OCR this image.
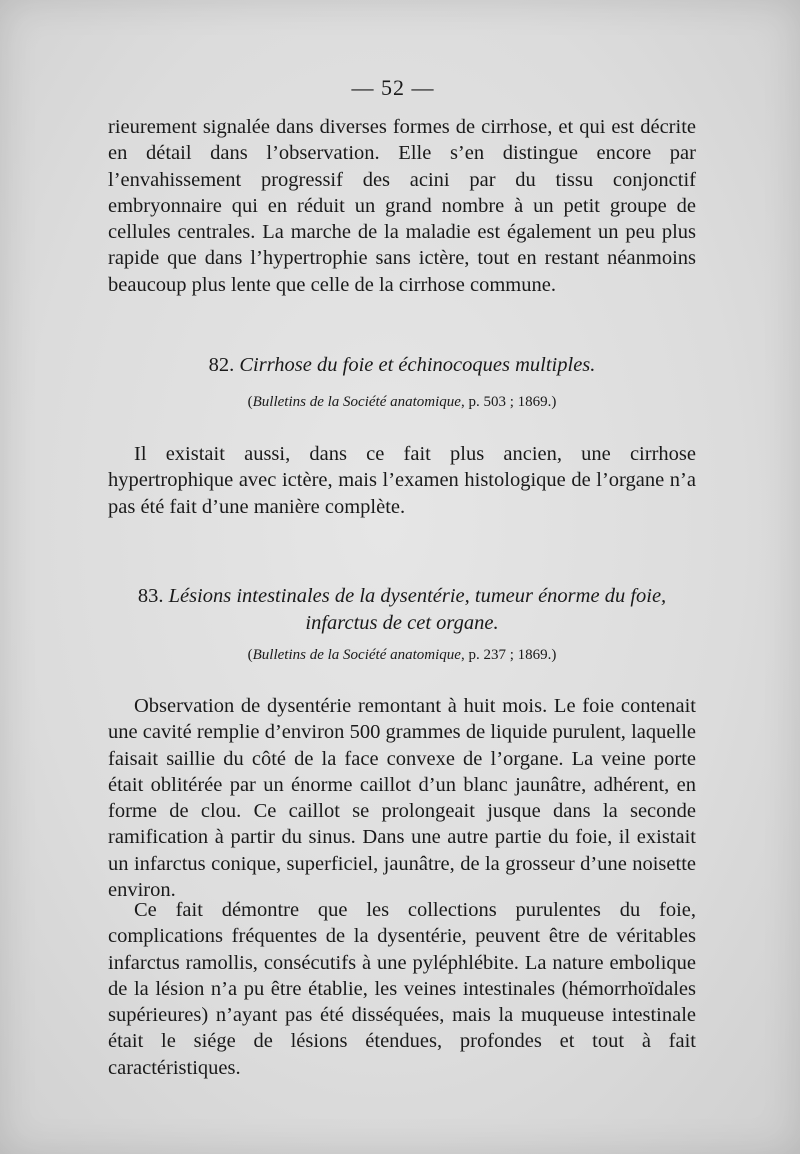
— 52 —

rieurement signalée dans diverses formes de cirrhose, et qui est décrite en détail dans l’observation. Elle s’en distingue encore par l’envahissement progressif des acini par du tissu conjonctif embryonnaire qui en réduit un grand nombre à un petit groupe de cellules centrales. La marche de la maladie est également un peu plus rapide que dans l’hypertrophie sans ictère, tout en restant néanmoins beaucoup plus lente que celle de la cirrhose commune.

82. Cirrhose du foie et échinocoques multiples.
(Bulletins de la Société anatomique, p. 503 ; 1869.)

Il existait aussi, dans ce fait plus ancien, une cirrhose hypertrophique avec ictère, mais l’examen histologique de l’organe n’a pas été fait d’une manière complète.

83. Lésions intestinales de la dysentérie, tumeur énorme du foie,
infarctus de cet organe.
(Bulletins de la Société anatomique, p. 237 ; 1869.)

Observation de dysentérie remontant à huit mois. Le foie contenait une cavité remplie d’environ 500 grammes de liquide purulent, laquelle faisait saillie du côté de la face convexe de l’organe. La veine porte était oblitérée par un énorme caillot d’un blanc jaunâtre, adhérent, en forme de clou. Ce caillot se prolongeait jusque dans la seconde ramification à partir du sinus. Dans une autre partie du foie, il existait un infarctus conique, superficiel, jaunâtre, de la grosseur d’une noisette environ.

Ce fait démontre que les collections purulentes du foie, complications fréquentes de la dysentérie, peuvent être de véritables infarctus ramollis, consécutifs à une pyléphlébite. La nature embolique de la lésion n’a pu être établie, les veines intestinales (hémorrhoïdales supérieures) n’ayant pas été disséquées, mais la muqueuse intestinale était le siége de lésions étendues, profondes et tout à fait caractéristiques.
